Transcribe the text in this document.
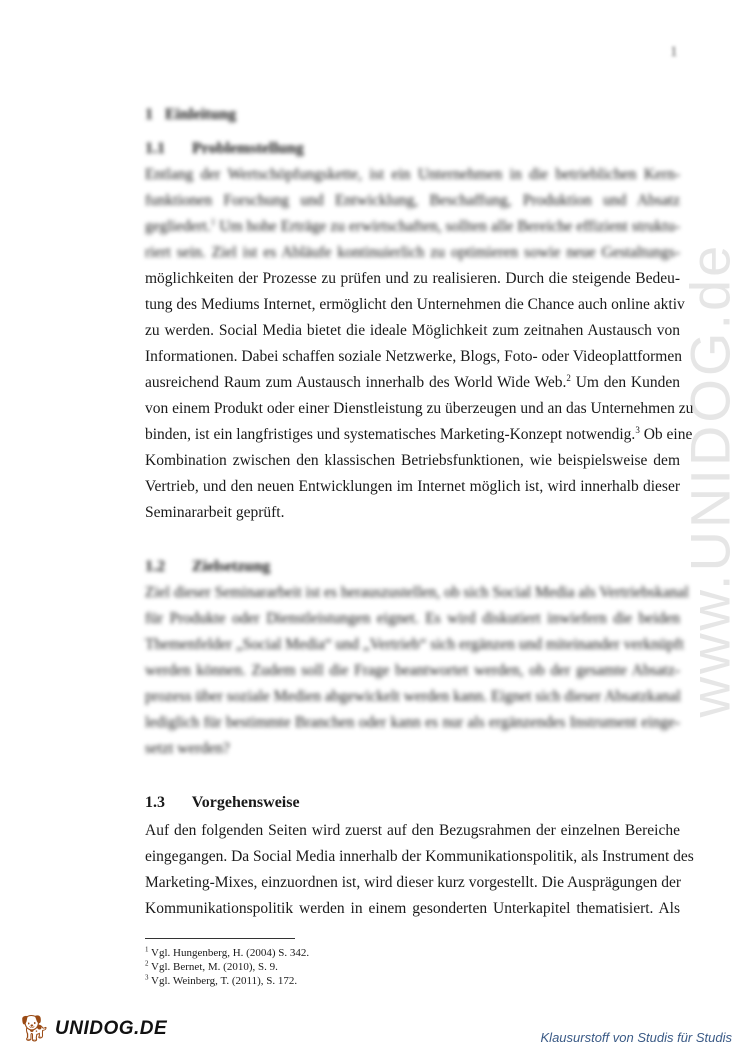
1
www.UNIDOG.de
1 Einleitung
1.1 Problemstellung
Entlang der Wertschöpfungskette, ist ein Unternehmen in die betrieblichen Kern-
funktionen Forschung und Entwicklung, Beschaffung, Produktion und Absatz
gegliedert.$^1$ Um hohe Erträge zu erwirtschaften, sollten alle Bereiche effizient struktu-
riert sein. Ziel ist es Abläufe kontinuierlich zu optimieren sowie neue Gestaltungs-
möglichkeiten der Prozesse zu prüfen und zu realisieren. Durch die steigende Bedeu-
tung des Mediums Internet, ermöglicht den Unternehmen die Chance auch online aktiv
zu werden. Social Media bietet die ideale Möglichkeit zum zeitnahen Austausch von
Informationen. Dabei schaffen soziale Netzwerke, Blogs, Foto- oder Videoplattformen
ausreichend Raum zum Austausch innerhalb des World Wide Web.$^2$ Um den Kunden
von einem Produkt oder einer Dienstleistung zu überzeugen und an das Unternehmen zu
binden, ist ein langfristiges und systematisches Marketing-Konzept notwendig.$^3$ Ob eine
Kombination zwischen den klassischen Betriebsfunktionen, wie beispielsweise dem
Vertrieb, und den neuen Entwicklungen im Internet möglich ist, wird innerhalb dieser
Seminararbeit geprüft.
1.2 Zielsetzung
Ziel dieser Seminararbeit ist es herauszustellen, ob sich Social Media als Vertriebskanal
für Produkte oder Dienstleistungen eignet. Es wird diskutiert inwiefern die beiden
Themenfelder „Social Media“ und „Vertrieb“ sich ergänzen und miteinander verknüpft
werden können. Zudem soll die Frage beantwortet werden, ob der gesamte Absatz-
prozess über soziale Medien abgewickelt werden kann. Eignet sich dieser Absatzkanal
lediglich für bestimmte Branchen oder kann es nur als ergänzendes Instrument einge-
setzt werden?
1.3 Vorgehensweise
Auf den folgenden Seiten wird zuerst auf den Bezugsrahmen der einzelnen Bereiche
eingegangen. Da Social Media innerhalb der Kommunikationspolitik, als Instrument des
Marketing-Mixes, einzuordnen ist, wird dieser kurz vorgestellt. Die Ausprägungen der
Kommunikationspolitik werden in einem gesonderten Unterkapitel thematisiert. Als
$^1$ Vgl. Hungenberg, H. (2004) S. 342.
$^2$ Vgl. Bernet, M. (2010), S. 9.
$^3$ Vgl. Weinberg, T. (2011), S. 172.
🐕︎ UNIDOG.DE	Klausurstoff von Studis für Studis
